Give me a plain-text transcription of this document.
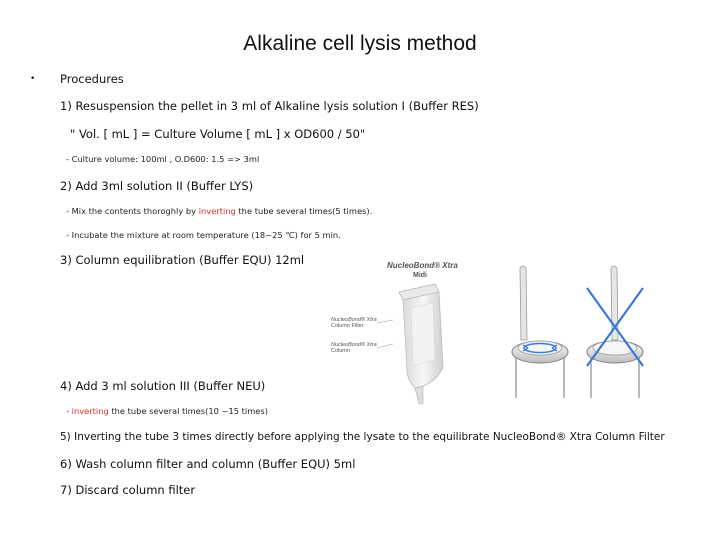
Alkaline cell lysis method
• Procedures
1) Resuspension the pellet in 3 ml of Alkaline lysis solution I (Buffer RES)
" Vol. [ mL ] = Culture Volume [ mL ] x OD600 / 50"
- Culture volume: 100ml , O.D600: 1.5 => 3ml
2) Add 3ml solution II (Buffer LYS)
- Mix the contents thoroghly by inverting the tube several times(5 times).
- Incubate the mixture at room temperature (18~25 ℃) for 5 min.
3) Column equilibration (Buffer EQU) 12ml
4) Add 3 ml solution III (Buffer NEU)
- inverting the tube several times(10 ~15 times)
5) Inverting the tube 3 times directly before applying the lysate to the equilibrate NucleoBond® Xtra Column Filter
6) Wash column filter and column (Buffer EQU) 5ml
7) Discard column filter
NucleoBond® Xtra
Midi
NucleoBond® Xtra
Column Filter
NucleoBond® Xtra
Column
